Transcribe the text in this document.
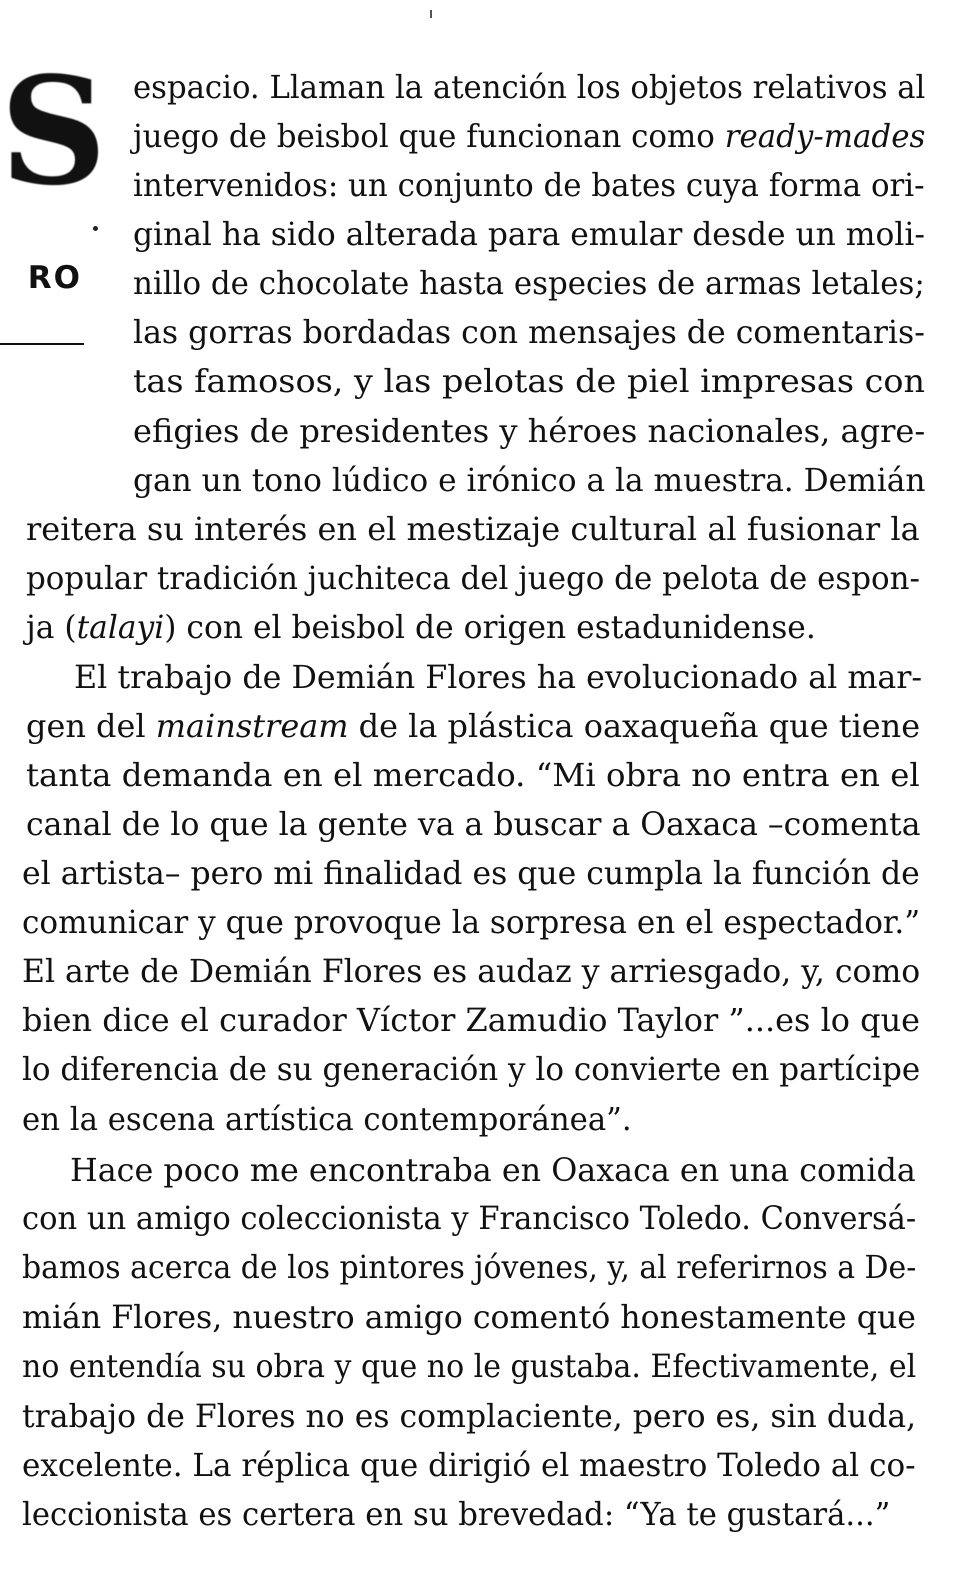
S
RO
espacio. Llaman la atención los objetos relativos al
juego de beisbol que funcionan como ready-mades
intervenidos: un conjunto de bates cuya forma ori-
ginal ha sido alterada para emular desde un moli-
nillo de chocolate hasta especies de armas letales;
las gorras bordadas con mensajes de comentaris-
tas famosos, y las pelotas de piel impresas con
efigies de presidentes y héroes nacionales, agre-
gan un tono lúdico e irónico a la muestra. Demián
reitera su interés en el mestizaje cultural al fusionar la
popular tradición juchiteca del juego de pelota de espon-
ja (talayi) con el beisbol de origen estadunidense.
El trabajo de Demián Flores ha evolucionado al mar-
gen del mainstream de la plástica oaxaqueña que tiene
tanta demanda en el mercado. “Mi obra no entra en el
canal de lo que la gente va a buscar a Oaxaca –comenta
el artista– pero mi finalidad es que cumpla la función de
comunicar y que provoque la sorpresa en el espectador.”
El arte de Demián Flores es audaz y arriesgado, y, como
bien dice el curador Víctor Zamudio Taylor ”...es lo que
lo diferencia de su generación y lo convierte en partícipe
en la escena artística contemporánea”.
Hace poco me encontraba en Oaxaca en una comida
con un amigo coleccionista y Francisco Toledo. Conversá-
bamos acerca de los pintores jóvenes, y, al referirnos a De-
mián Flores, nuestro amigo comentó honestamente que
no entendía su obra y que no le gustaba. Efectivamente, el
trabajo de Flores no es complaciente, pero es, sin duda,
excelente. La réplica que dirigió el maestro Toledo al co-
leccionista es certera en su brevedad: “Ya te gustará...”
